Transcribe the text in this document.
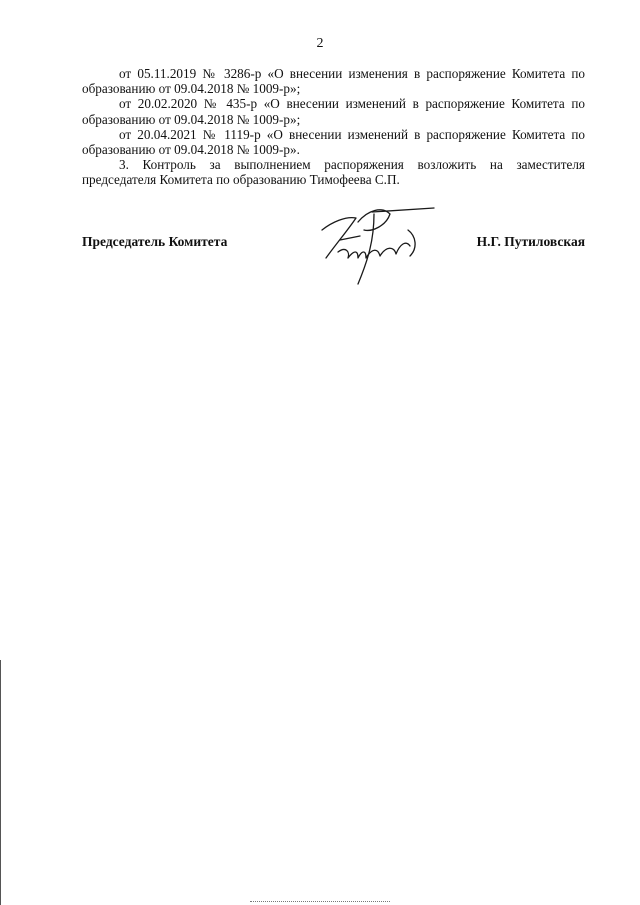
2

от 05.11.2019 № 3286-р «О внесении изменения в распоряжение Комитета по образованию от 09.04.2018 № 1009-р»;

от 20.02.2020 № 435-р «О внесении изменений в распоряжение Комитета по образованию от 09.04.2018 № 1009-р»;

от 20.04.2021 № 1119-р «О внесении изменений в распоряжение Комитета по образованию от 09.04.2018 № 1009-р».

3. Контроль за выполнением распоряжения возложить на заместителя председателя Комитета по образованию Тимофеева С.П.

Председатель Комитета	Н.Г. Путиловская
